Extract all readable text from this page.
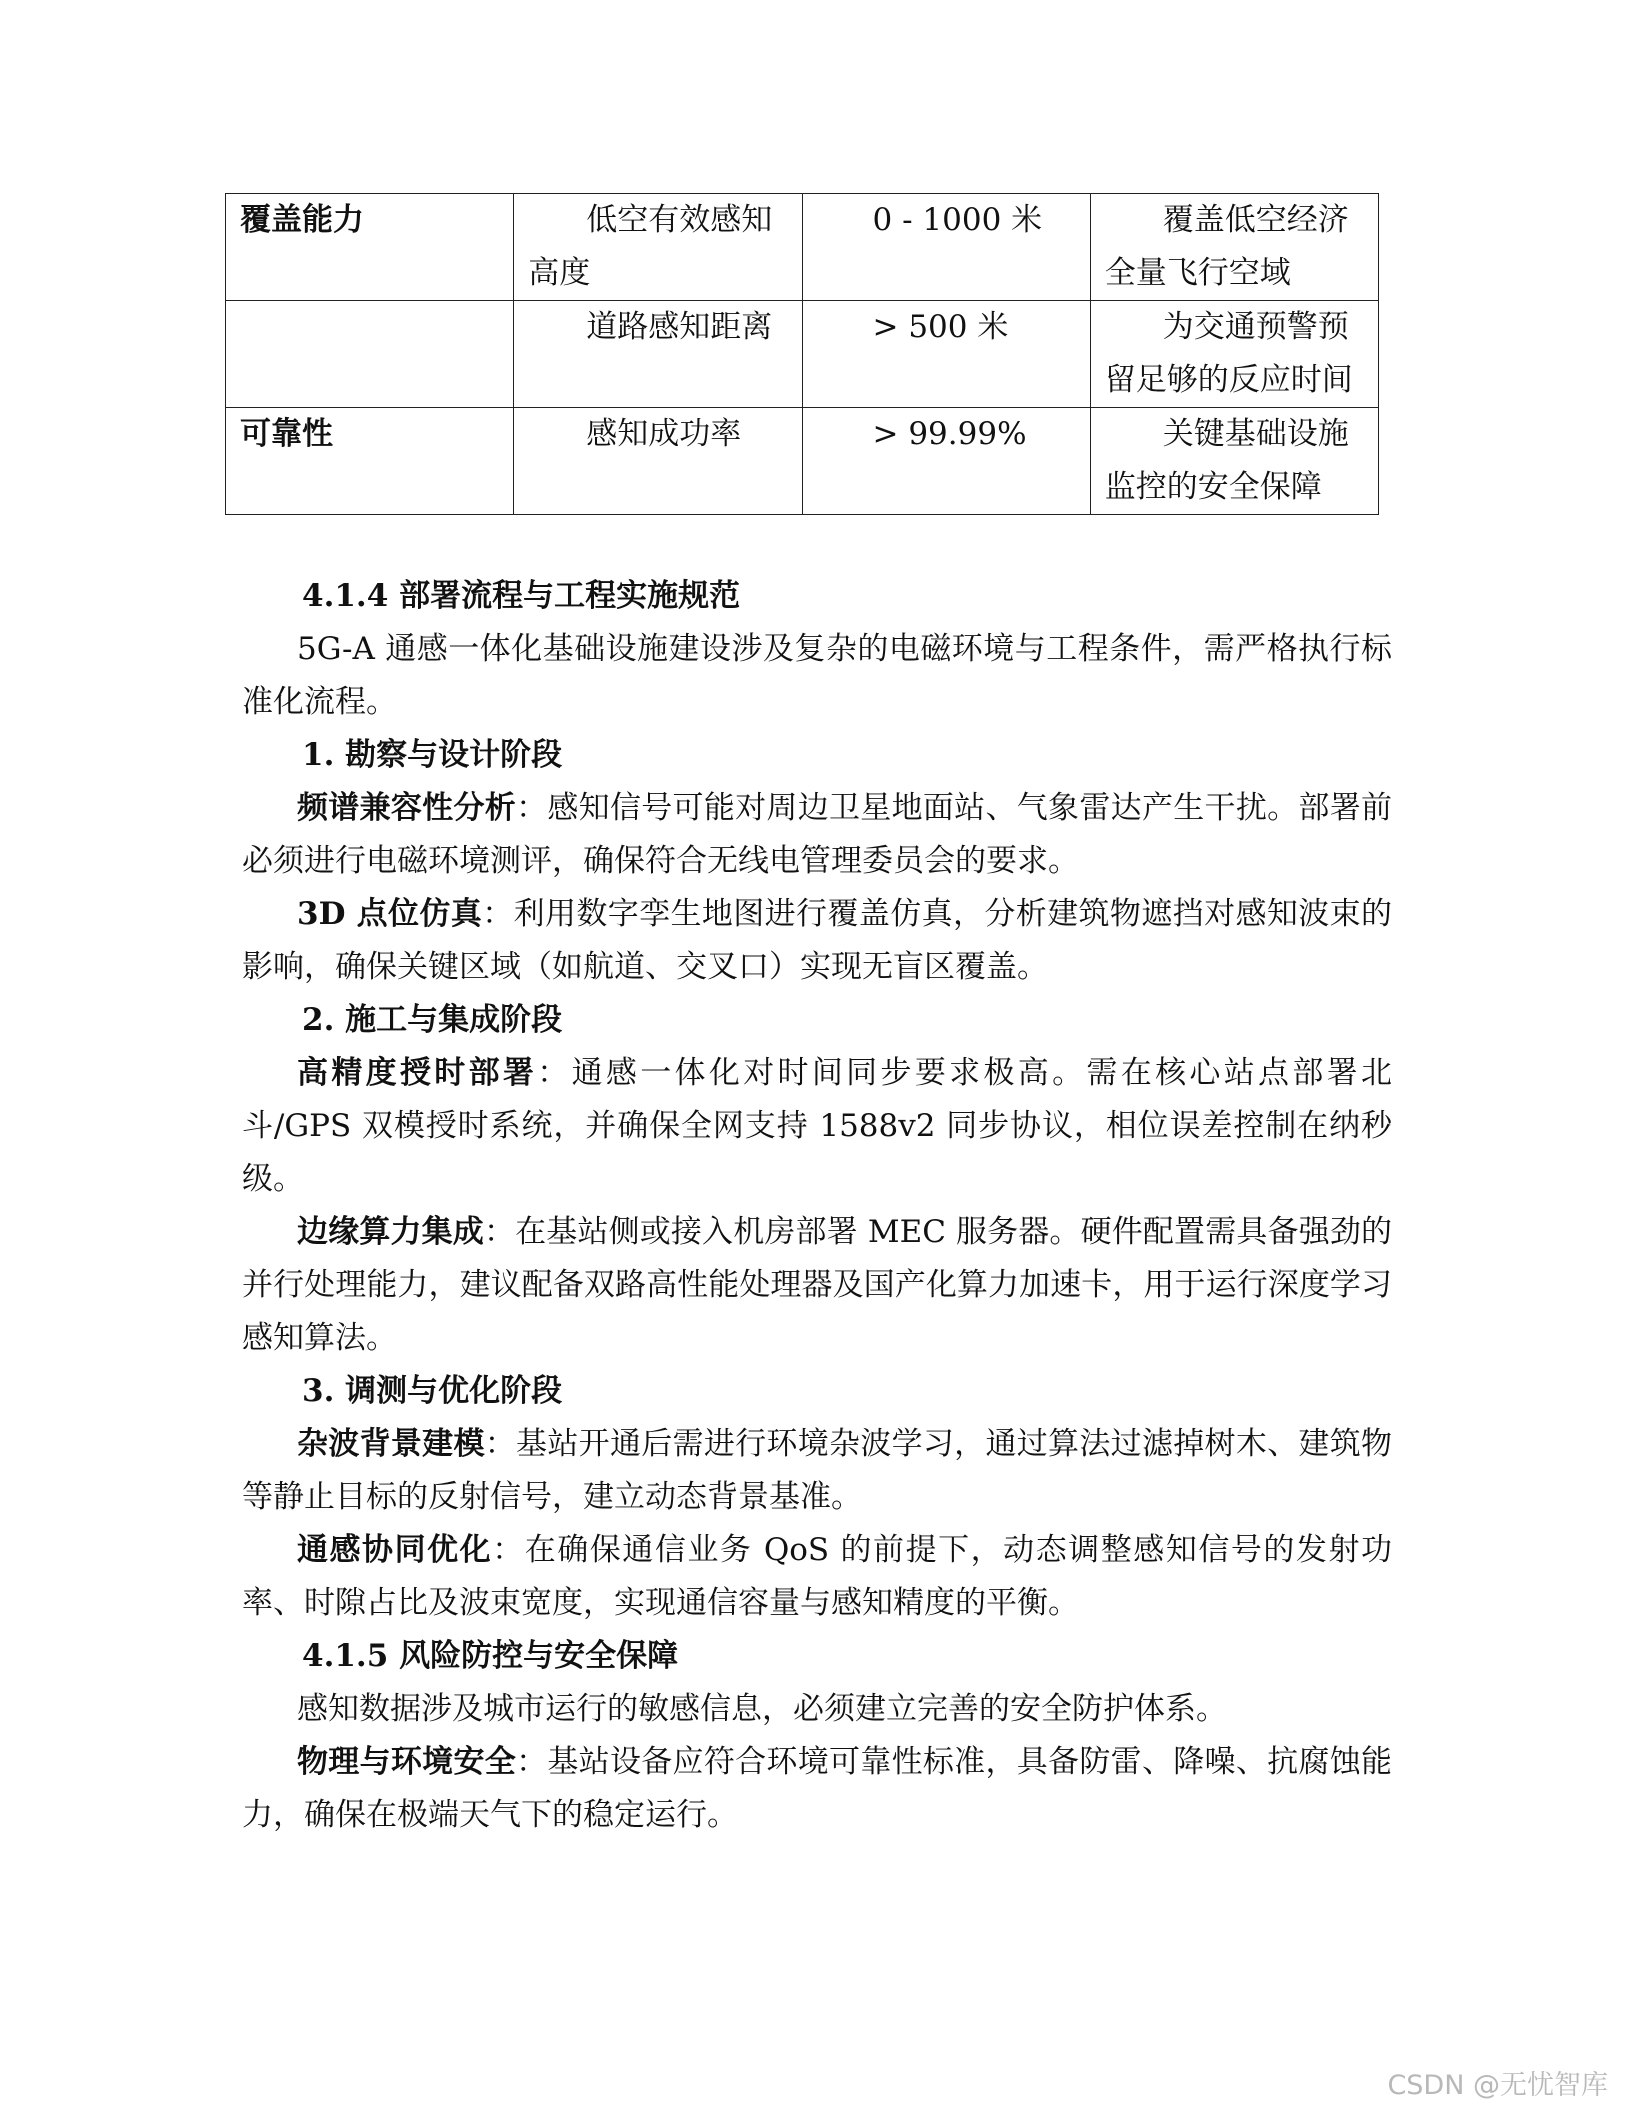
覆盖能力	低空有效感知高度	0 - 1000 米	覆盖低空经济全量飞行空域
	道路感知距离	> 500 米	为交通预警预留足够的反应时间
可靠性	感知成功率	> 99.99%	关键基础设施监控的安全保障

4.1.4 部署流程与工程实施规范

5G-A 通感一体化基础设施建设涉及复杂的电磁环境与工程条件，需严格执行标准化流程。

1. 勘察与设计阶段

频谱兼容性分析：感知信号可能对周边卫星地面站、气象雷达产生干扰。部署前必须进行电磁环境测评，确保符合无线电管理委员会的要求。

3D 点位仿真：利用数字孪生地图进行覆盖仿真，分析建筑物遮挡对感知波束的影响，确保关键区域（如航道、交叉口）实现无盲区覆盖。

2. 施工与集成阶段

高精度授时部署：通感一体化对时间同步要求极高。需在核心站点部署北斗/GPS 双模授时系统，并确保全网支持 1588v2 同步协议，相位误差控制在纳秒级。

边缘算力集成：在基站侧或接入机房部署 MEC 服务器。硬件配置需具备强劲的并行处理能力，建议配备双路高性能处理器及国产化算力加速卡，用于运行深度学习感知算法。

3. 调测与优化阶段

杂波背景建模：基站开通后需进行环境杂波学习，通过算法过滤掉树木、建筑物等静止目标的反射信号，建立动态背景基准。

通感协同优化：在确保通信业务 QoS 的前提下，动态调整感知信号的发射功率、时隙占比及波束宽度，实现通信容量与感知精度的平衡。

4.1.5 风险防控与安全保障

感知数据涉及城市运行的敏感信息，必须建立完善的安全防护体系。

物理与环境安全：基站设备应符合环境可靠性标准，具备防雷、降噪、抗腐蚀能力，确保在极端天气下的稳定运行。

CSDN @无忧智库
